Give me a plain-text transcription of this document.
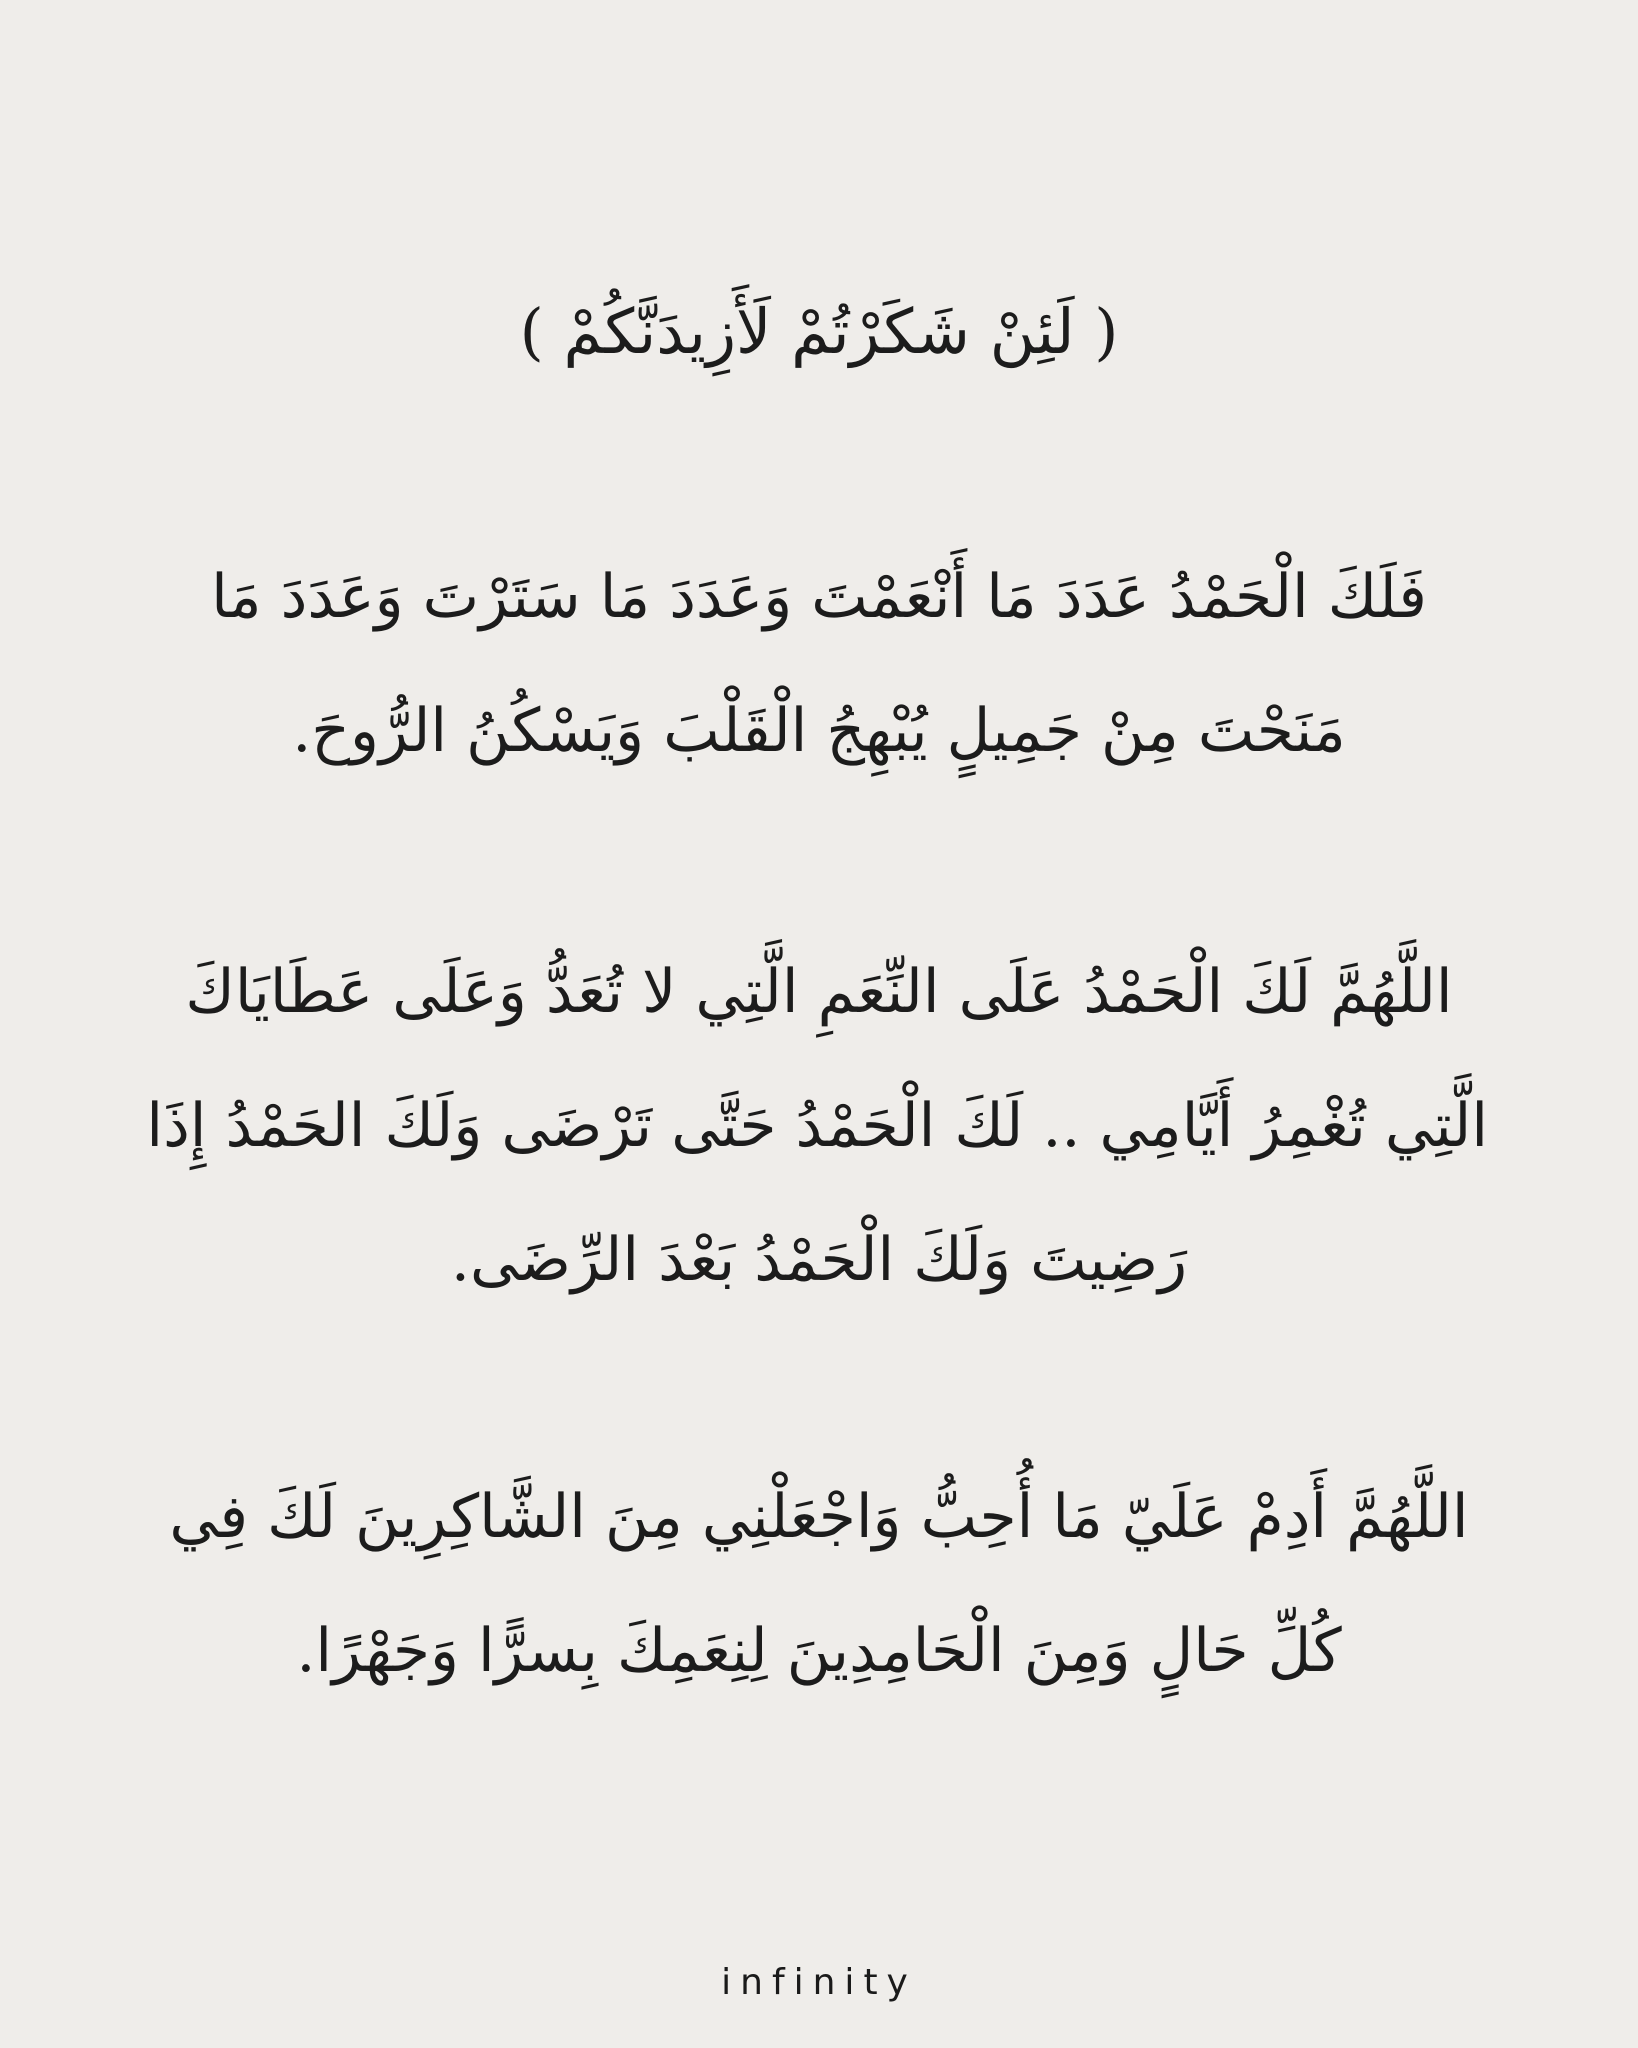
( لَئِنْ شَكَرْتُمْ لَأَزِيدَنَّكُمْ )
فَلَكَ الْحَمْدُ عَدَدَ مَا أَنْعَمْتَ وَعَدَدَ مَا سَتَرْتَ وَعَدَدَ مَا
مَنَحْتَ مِنْ جَمِيلٍ يُبْهِجُ الْقَلْبَ وَيَسْكُنُ الرُّوحَ.
اللَّهُمَّ لَكَ الْحَمْدُ عَلَى النِّعَمِ الَّتِي لا تُعَدُّ وَعَلَى عَطَايَاكَ
الَّتِي تُغْمِرُ أَيَّامِي .. لَكَ الْحَمْدُ حَتَّى تَرْضَى وَلَكَ الحَمْدُ إِذَا
رَضِيتَ وَلَكَ الْحَمْدُ بَعْدَ الرِّضَى.
اللَّهُمَّ أَدِمْ عَلَيّ مَا أُحِبُّ وَاجْعَلْنِي مِنَ الشَّاكِرِينَ لَكَ فِي
كُلِّ حَالٍ وَمِنَ الْحَامِدِينَ لِنِعَمِكَ بِسرًّا وَجَهْرًا.
infinity
